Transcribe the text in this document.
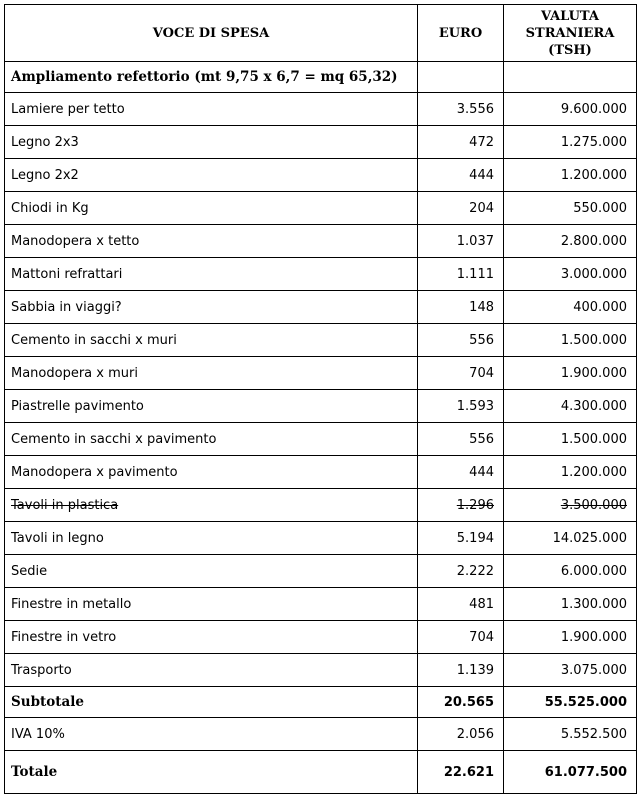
VOCE DI SPESA	EURO	VALUTA STRANIERA (TSH)

Ampliamento refettorio (mt 9,75 x 6,7 = mq 65,32)		
Lamiere per tetto	3.556	9.600.000
Legno 2x3	472	1.275.000
Legno 2x2	444	1.200.000
Chiodi in Kg	204	550.000
Manodopera x tetto	1.037	2.800.000
Mattoni refrattari	1.111	3.000.000
Sabbia in viaggi?	148	400.000
Cemento in sacchi x muri	556	1.500.000
Manodopera x muri	704	1.900.000
Piastrelle pavimento	1.593	4.300.000
Cemento in sacchi x pavimento	556	1.500.000
Manodopera x pavimento	444	1.200.000
Tavoli in plastica	1.296	3.500.000
Tavoli in legno	5.194	14.025.000
Sedie	2.222	6.000.000
Finestre in metallo	481	1.300.000
Finestre in vetro	704	1.900.000
Trasporto	1.139	3.075.000
Subtotale	20.565	55.525.000
IVA 10%	2.056	5.552.500
Totale	22.621	61.077.500
